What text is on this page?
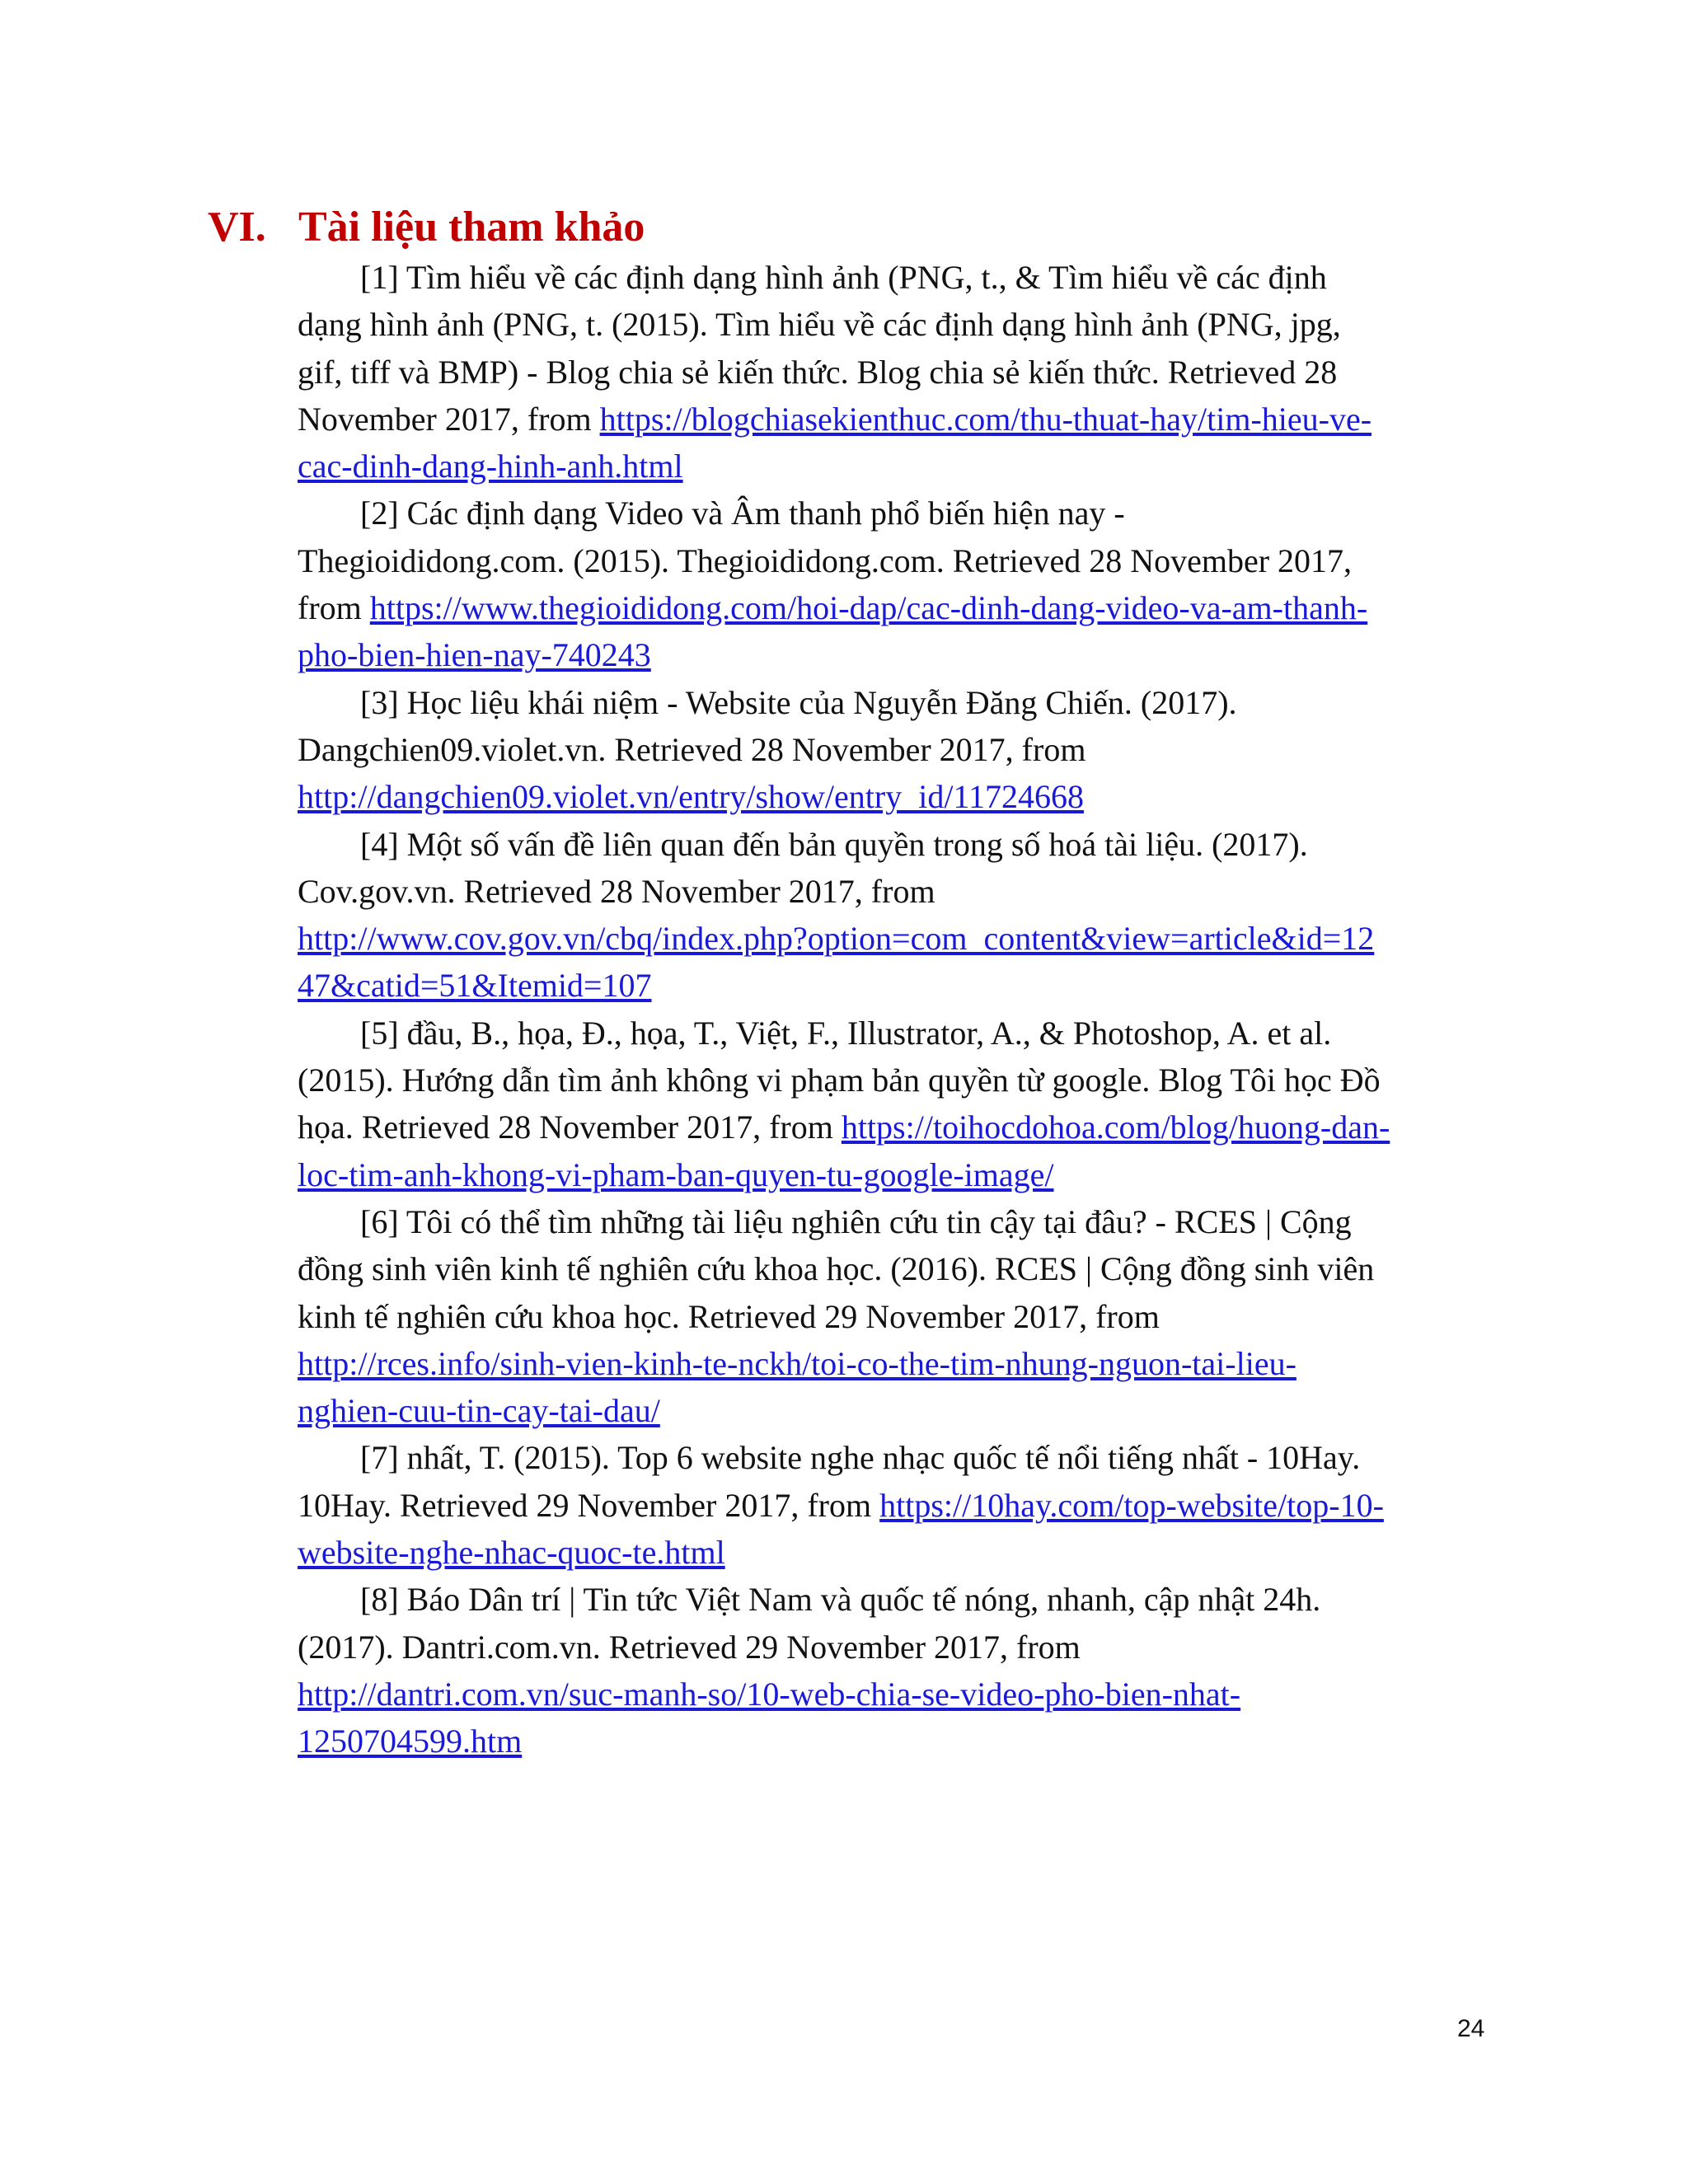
VI. Tài liệu tham khảo
[1] Tìm hiểu về các định dạng hình ảnh (PNG, t., & Tìm hiểu về các định
dạng hình ảnh (PNG, t. (2015). Tìm hiểu về các định dạng hình ảnh (PNG, jpg,
gif, tiff và BMP) - Blog chia sẻ kiến thức. Blog chia sẻ kiến thức. Retrieved 28
November 2017, from https://blogchiasekienthuc.com/thu-thuat-hay/tim-hieu-ve-
cac-dinh-dang-hinh-anh.html
[2] Các định dạng Video và Âm thanh phổ biến hiện nay -
Thegioididong.com. (2015). Thegioididong.com. Retrieved 28 November 2017,
from https://www.thegioididong.com/hoi-dap/cac-dinh-dang-video-va-am-thanh-
pho-bien-hien-nay-740243
[3] Học liệu khái niệm - Website của Nguyễn Đăng Chiến. (2017).
Dangchien09.violet.vn. Retrieved 28 November 2017, from
http://dangchien09.violet.vn/entry/show/entry_id/11724668
[4] Một số vấn đề liên quan đến bản quyền trong số hoá tài liệu. (2017).
Cov.gov.vn. Retrieved 28 November 2017, from
http://www.cov.gov.vn/cbq/index.php?option=com_content&view=article&id=12
47&catid=51&Itemid=107
[5] đầu, B., họa, Đ., họa, T., Việt, F., Illustrator, A., & Photoshop, A. et al.
(2015). Hướng dẫn tìm ảnh không vi phạm bản quyền từ google. Blog Tôi học Đồ
họa. Retrieved 28 November 2017, from https://toihocdohoa.com/blog/huong-dan-
loc-tim-anh-khong-vi-pham-ban-quyen-tu-google-image/
[6] Tôi có thể tìm những tài liệu nghiên cứu tin cậy tại đâu? - RCES | Cộng
đồng sinh viên kinh tế nghiên cứu khoa học. (2016). RCES | Cộng đồng sinh viên
kinh tế nghiên cứu khoa học. Retrieved 29 November 2017, from
http://rces.info/sinh-vien-kinh-te-nckh/toi-co-the-tim-nhung-nguon-tai-lieu-
nghien-cuu-tin-cay-tai-dau/
[7] nhất, T. (2015). Top 6 website nghe nhạc quốc tế nổi tiếng nhất - 10Hay.
10Hay. Retrieved 29 November 2017, from https://10hay.com/top-website/top-10-
website-nghe-nhac-quoc-te.html
[8] Báo Dân trí | Tin tức Việt Nam và quốc tế nóng, nhanh, cập nhật 24h.
(2017). Dantri.com.vn. Retrieved 29 November 2017, from
http://dantri.com.vn/suc-manh-so/10-web-chia-se-video-pho-bien-nhat-
1250704599.htm
24
